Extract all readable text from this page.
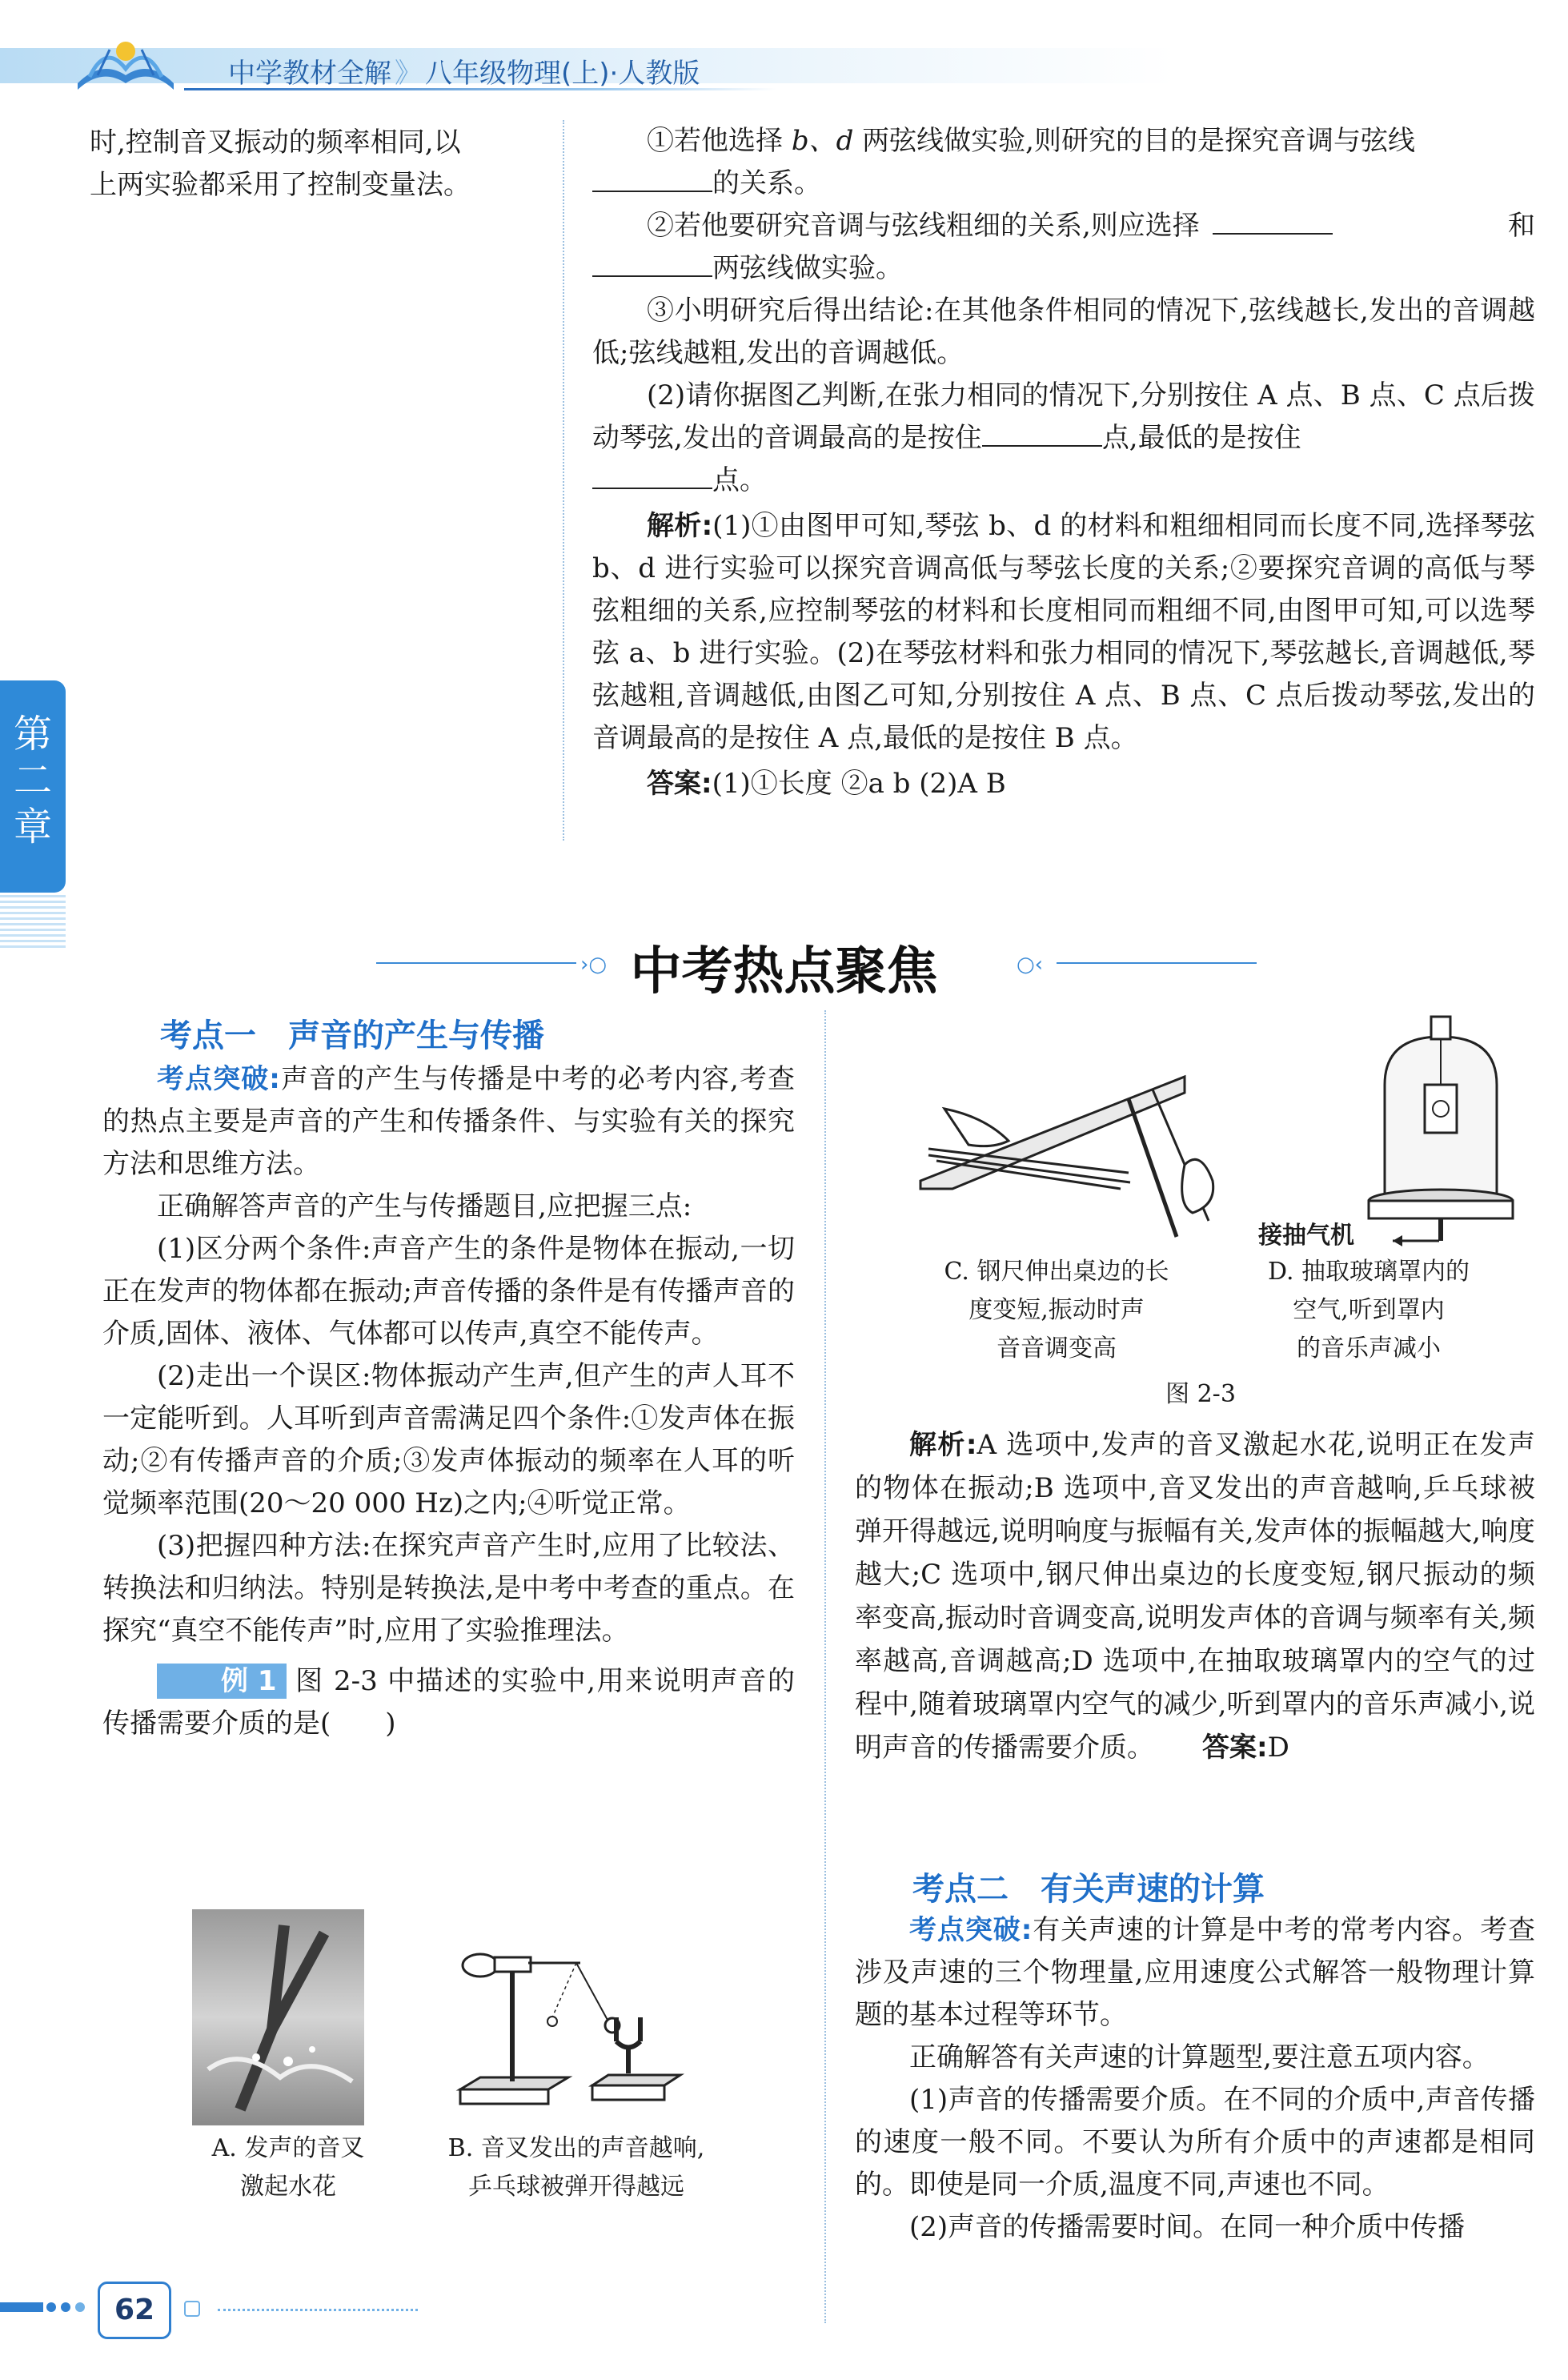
中学教材全解 》 八年级物理(上)·人教版
第二章

时,控制音叉振动的频率相同,以

上两实验都采用了控制变量法。

①若他选择 b、d 两弦线做实验,则研究的目的是探究音调与弦线

的关系。

②若他要研究音调与弦线粗细的关系,则应选择	和

两弦线做实验。

③小明研究后得出结论:在其他条件相同的情况下,弦线越长,发出的音调越低;弦线越粗,发出的音调越低。

(2)请你据图乙判断,在张力相同的情况下,分别按住 A 点、B 点、C 点后拨动琴弦,发出的音调最高的是按住	点,最低的是按住
点。

解析:(1)①由图甲可知,琴弦 b、d 的材料和粗细相同而长度不同,选择琴弦 b、d 进行实验可以探究音调高低与琴弦长度的关系;②要探究音调的高低与琴弦粗细的关系,应控制琴弦的材料和长度相同而粗细不同,由图甲可知,可以选琴弦 a、b 进行实验。(2)在琴弦材料和张力相同的情况下,琴弦越长,音调越低,琴弦越粗,音调越低,由图乙可知,分别按住 A 点、B 点、C 点后拨动琴弦,发出的音调最高的是按住 A 点,最低的是按住 B 点。

答案:(1)①长度 ②a b (2)A B

›○ 中考热点聚焦	○‹
考点一　声音的产生与传播

考点突破:声音的产生与传播是中考的必考内容,考查的热点主要是声音的产生和传播条件、与实验有关的探究方法和思维方法。

正确解答声音的产生与传播题目,应把握三点:

(1)区分两个条件:声音产生的条件是物体在振动,一切正在发声的物体都在振动;声音传播的条件是有传播声音的介质,固体、液体、气体都可以传声,真空不能传声。

(2)走出一个误区:物体振动产生声,但产生的声人耳不一定能听到。人耳听到声音需满足四个条件:①发声体在振动;②有传播声音的介质;③发声体振动的频率在人耳的听觉频率范围(20～20 000 Hz)之内;④听觉正常。

(3)把握四种方法:在探究声音产生时,应用了比较法、转换法和归纳法。特别是转换法,是中考中考查的重点。在探究“真空不能传声”时,应用了实验推理法。

例 1 图 2-3 中描述的实验中,用来说明声音的传播需要介质的是(　　)

A. 发声的音叉
激起水花
B. 音叉发出的声音越响,
乒乓球被弹开得越远
接抽气机
C. 钢尺伸出桌边的长
度变短,振动时声
音音调变高
D. 抽取玻璃罩内的
空气,听到罩内
的音乐声减小
图 2-3

解析:A 选项中,发声的音叉激起水花,说明正在发声的物体在振动;B 选项中,音叉发出的声音越响,乒乓球被弹开得越远,说明响度与振幅有关,发声体的振幅越大,响度越大;C 选项中,钢尺伸出桌边的长度变短,钢尺振动的频率变高,振动时音调变高,说明发声体的音调与频率有关,频率越高,音调越高;D 选项中,在抽取玻璃罩内的空气的过程中,随着玻璃罩内空气的减少,听到罩内的音乐声减小,说明声音的传播需要介质。 答案:D

考点二　有关声速的计算

考点突破:有关声速的计算是中考的常考内容。考查涉及声速的三个物理量,应用速度公式解答一般物理计算题的基本过程等环节。

正确解答有关声速的计算题型,要注意五项内容。

(1)声音的传播需要介质。在不同的介质中,声音传播的速度一般不同。不要认为所有介质中的声速都是相同的。即使是同一介质,温度不同,声速也不同。

(2)声音的传播需要时间。在同一种介质中传播

62
